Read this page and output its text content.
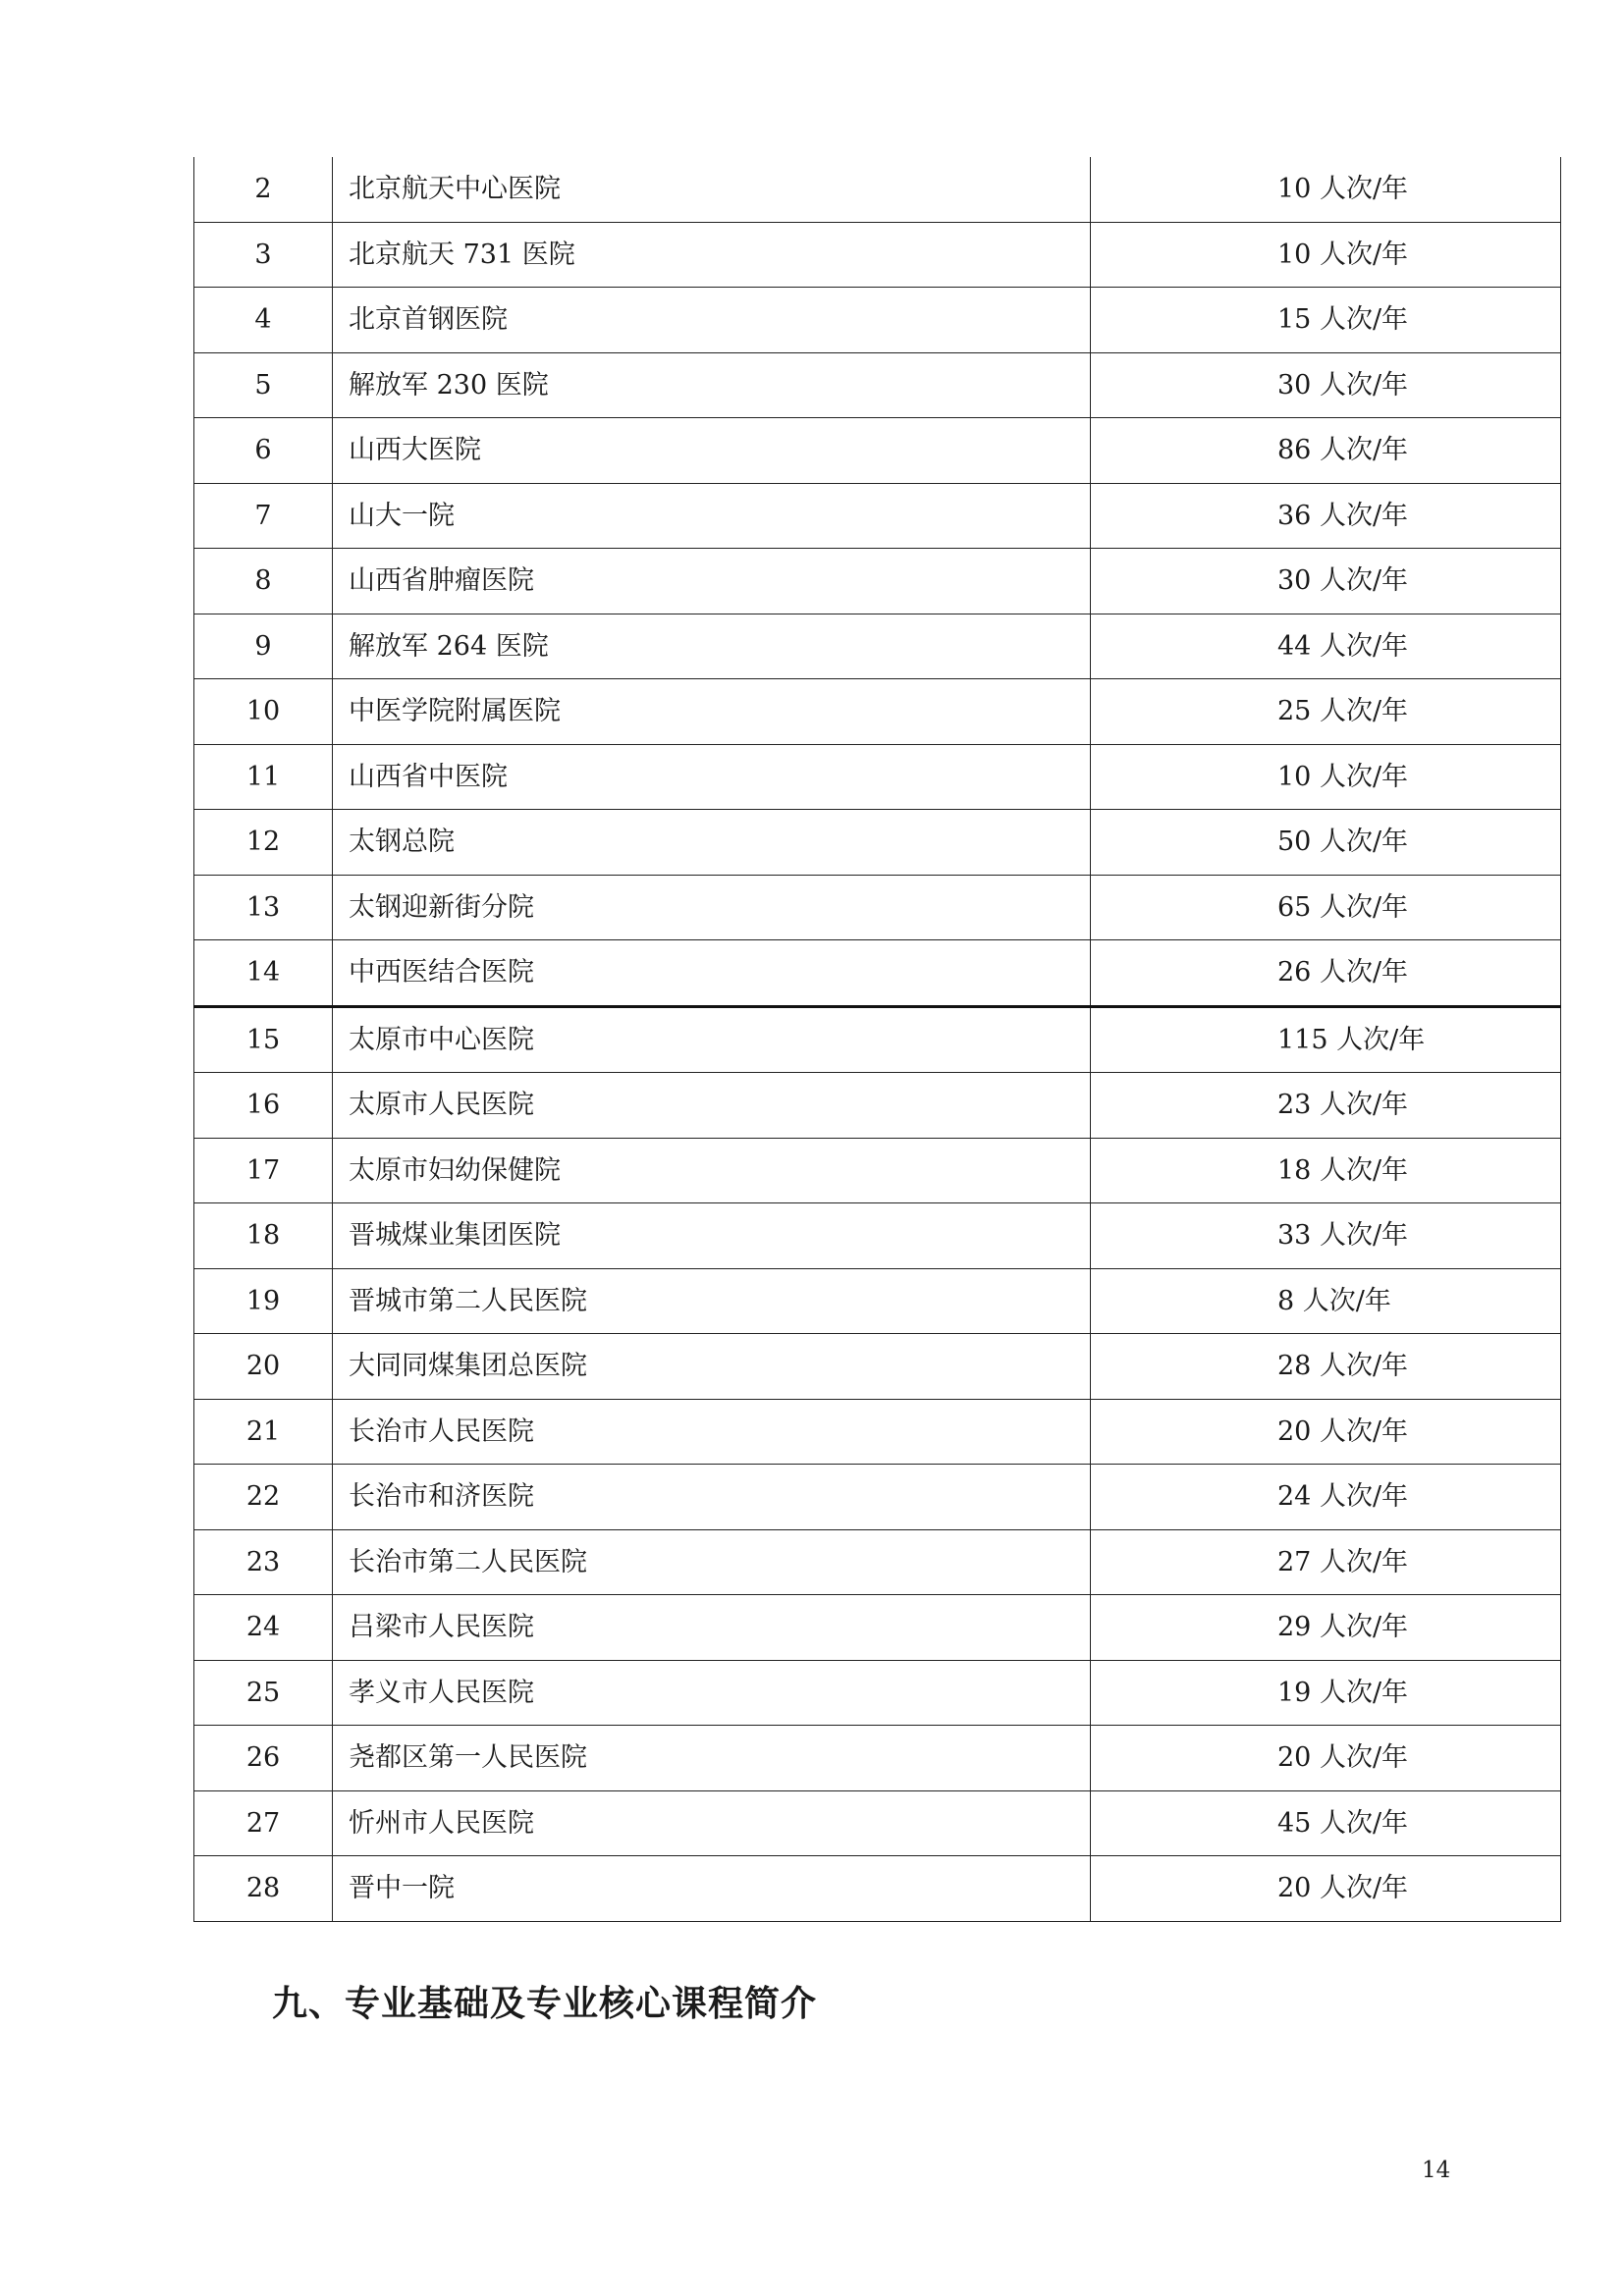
2	北京航天中心医院	10 人次/年
3	北京航天 731 医院	10 人次/年
4	北京首钢医院	15 人次/年
5	解放军 230 医院	30 人次/年
6	山西大医院	86 人次/年
7	山大一院	36 人次/年
8	山西省肿瘤医院	30 人次/年
9	解放军 264 医院	44 人次/年
10	中医学院附属医院	25 人次/年
11	山西省中医院	10 人次/年
12	太钢总院	50 人次/年
13	太钢迎新街分院	65 人次/年
14	中西医结合医院	26 人次/年
15	太原市中心医院	115 人次/年
16	太原市人民医院	23 人次/年
17	太原市妇幼保健院	18 人次/年
18	晋城煤业集团医院	33 人次/年
19	晋城市第二人民医院	8 人次/年
20	大同同煤集团总医院	28 人次/年
21	长治市人民医院	20 人次/年
22	长治市和济医院	24 人次/年
23	长治市第二人民医院	27 人次/年
24	吕梁市人民医院	29 人次/年
25	孝义市人民医院	19 人次/年
26	尧都区第一人民医院	20 人次/年
27	忻州市人民医院	45 人次/年
28	晋中一院	20 人次/年
九、专业基础及专业核心课程简介
14
